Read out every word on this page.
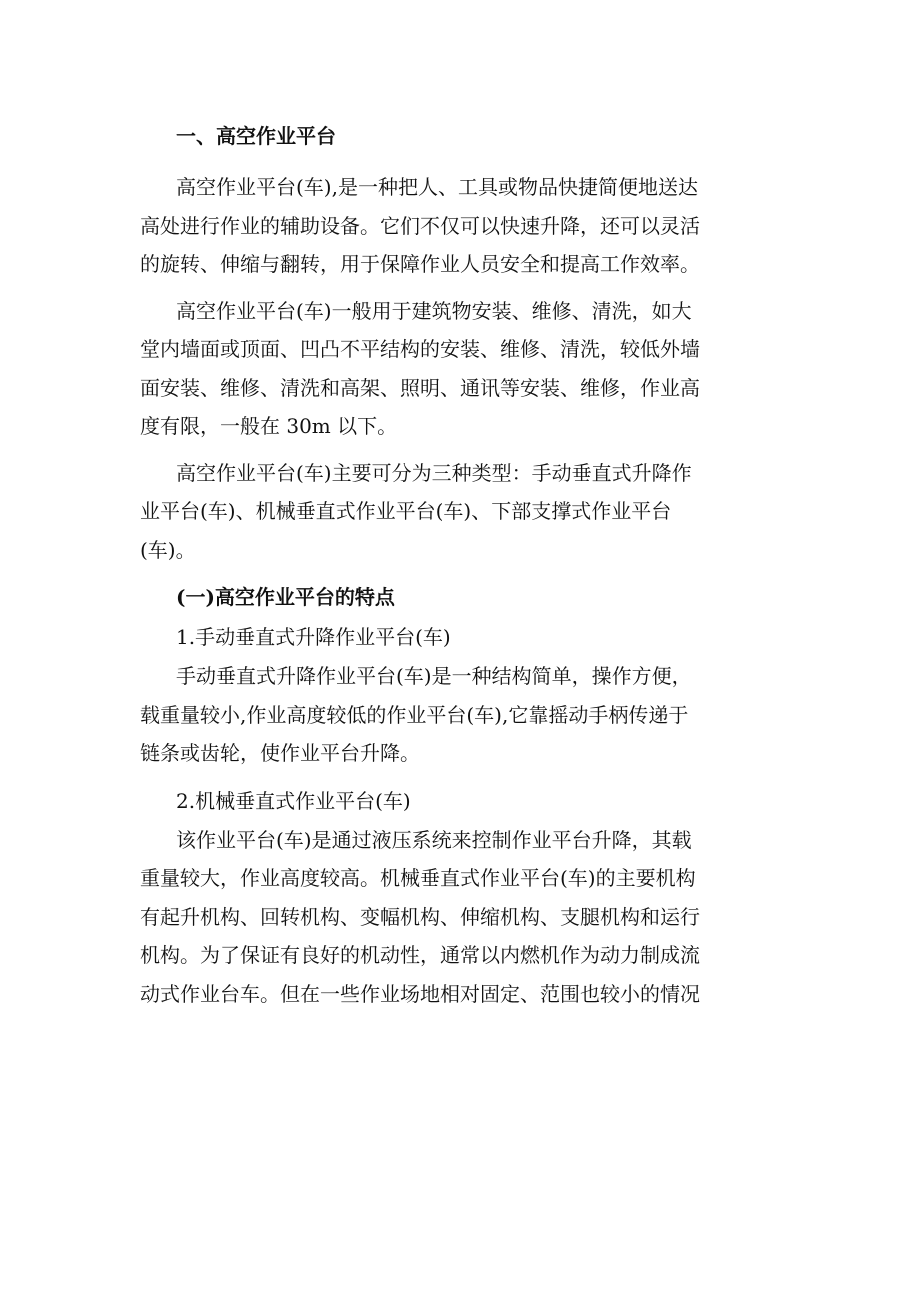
一、高空作业平台

高空作业平台(车),是一种把人、工具或物品快捷简便地送达
高处进行作业的辅助设备。它们不仅可以快速升降，还可以灵活
的旋转、伸缩与翻转，用于保障作业人员安全和提高工作效率。

高空作业平台(车)一般用于建筑物安装、维修、清洗，如大
堂内墙面或顶面、凹凸不平结构的安装、维修、清洗，较低外墙
面安装、维修、清洗和高架、照明、通讯等安装、维修，作业高
度有限，一般在 30m 以下。

高空作业平台(车)主要可分为三种类型：手动垂直式升降作
业平台(车)、机械垂直式作业平台(车)、下部支撑式作业平台
(车)。

(一)高空作业平台的特点
1.手动垂直式升降作业平台(车)

手动垂直式升降作业平台(车)是一种结构简单，操作方便，
载重量较小,作业高度较低的作业平台(车),它靠摇动手柄传递于
链条或齿轮，使作业平台升降。

2.机械垂直式作业平台(车)

该作业平台(车)是通过液压系统来控制作业平台升降，其载
重量较大，作业高度较高。机械垂直式作业平台(车)的主要机构
有起升机构、回转机构、变幅机构、伸缩机构、支腿机构和运行
机构。为了保证有良好的机动性，通常以内燃机作为动力制成流
动式作业台车。但在一些作业场地相对固定、范围也较小的情况
